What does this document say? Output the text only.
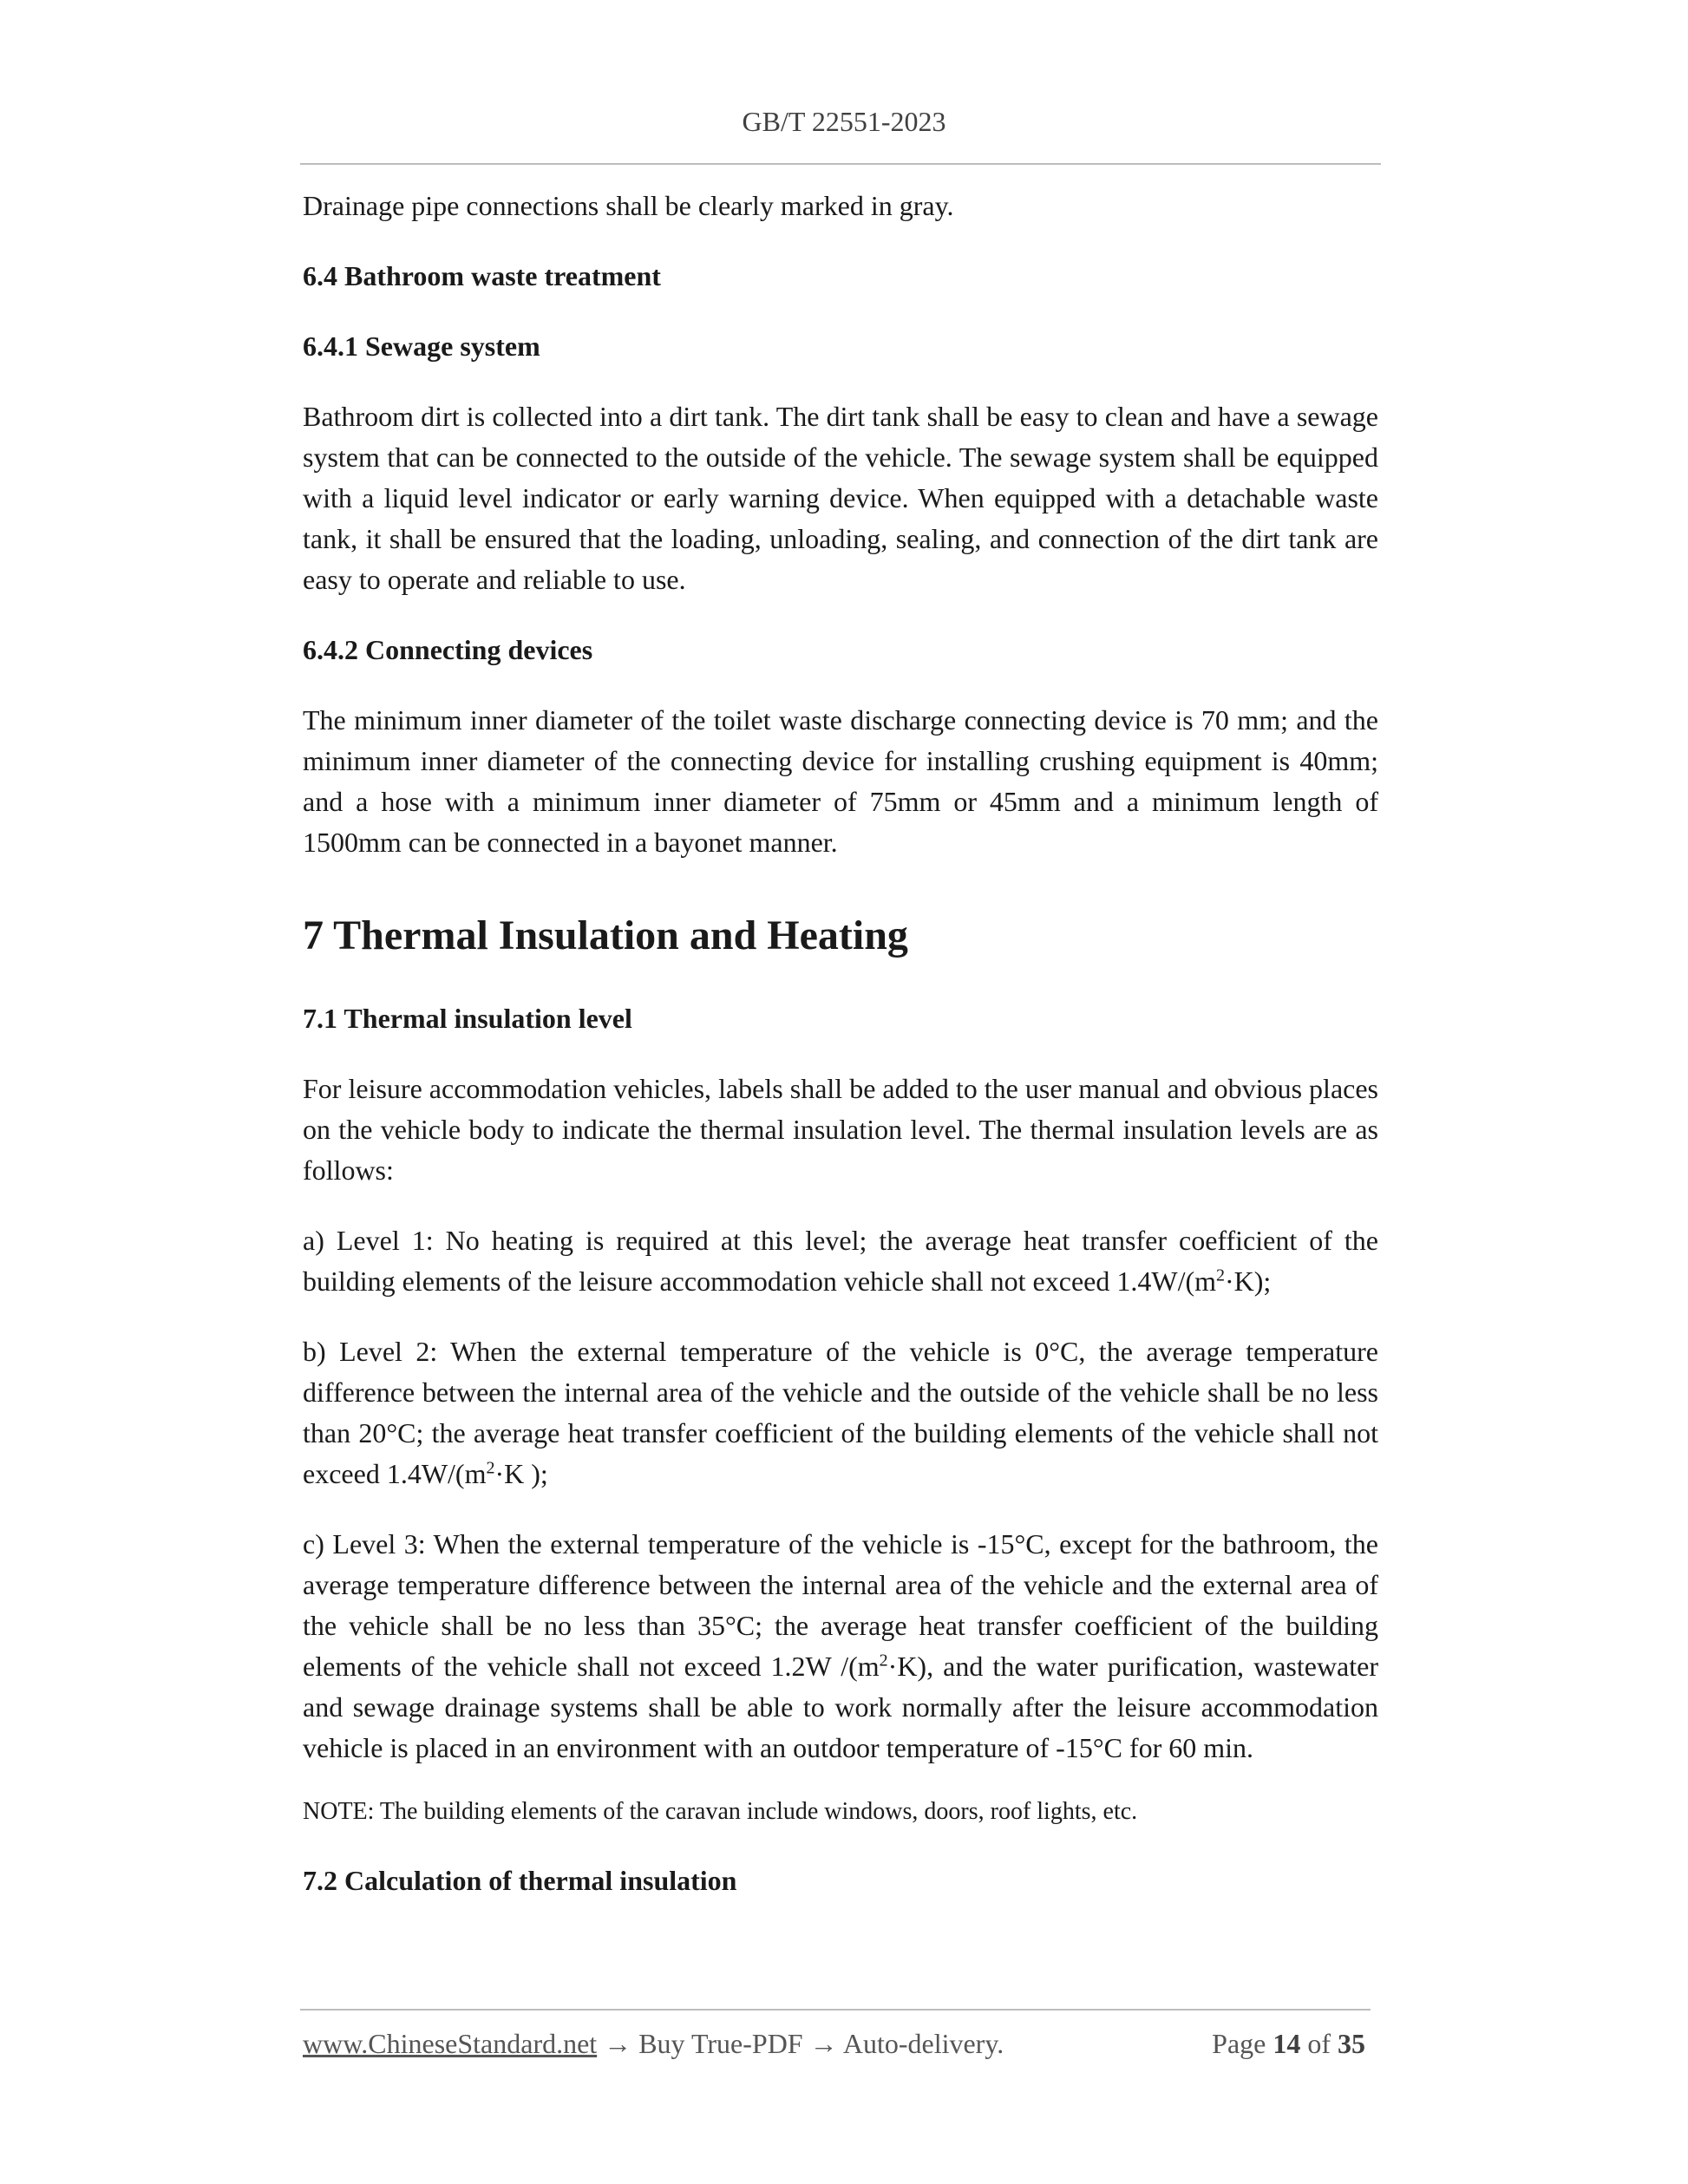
GB/T 22551-2023

Drainage pipe connections shall be clearly marked in gray.

6.4 Bathroom waste treatment

6.4.1 Sewage system

Bathroom dirt is collected into a dirt tank. The dirt tank shall be easy to clean and have a sewage system that can be connected to the outside of the vehicle. The sewage system shall be equipped with a liquid level indicator or early warning device. When equipped with a detachable waste tank, it shall be ensured that the loading, unloading, sealing, and connection of the dirt tank are easy to operate and reliable to use.

6.4.2 Connecting devices

The minimum inner diameter of the toilet waste discharge connecting device is 70 mm; and the minimum inner diameter of the connecting device for installing crushing equipment is 40mm; and a hose with a minimum inner diameter of 75mm or 45mm and a minimum length of 1500mm can be connected in a bayonet manner.

7 Thermal Insulation and Heating

7.1 Thermal insulation level

For leisure accommodation vehicles, labels shall be added to the user manual and obvious places on the vehicle body to indicate the thermal insulation level. The thermal insulation levels are as follows:

a) Level 1: No heating is required at this level; the average heat transfer coefficient of the building elements of the leisure accommodation vehicle shall not exceed $1.4W/(m^2\cdot K)$;

b) Level 2: When the external temperature of the vehicle is 0°C, the average temperature difference between the internal area of the vehicle and the outside of the vehicle shall be no less than 20°C; the average heat transfer coefficient of the building elements of the vehicle shall not exceed $1.4W/(m^2\cdot K$ );

c) Level 3: When the external temperature of the vehicle is -15°C, except for the bathroom, the average temperature difference between the internal area of the vehicle and the external area of the vehicle shall be no less than 35°C; the average heat transfer coefficient of the building elements of the vehicle shall not exceed 1.2W $/(m^2\cdot K)$, and the water purification, wastewater and sewage drainage systems shall be able to work normally after the leisure accommodation vehicle is placed in an environment with an outdoor temperature of -15°C for 60 min.

NOTE: The building elements of the caravan include windows, doors, roof lights, etc.

7.2 Calculation of thermal insulation

www.ChineseStandard.net → Buy True-PDF → Auto-delivery.	Page 14 of 35
